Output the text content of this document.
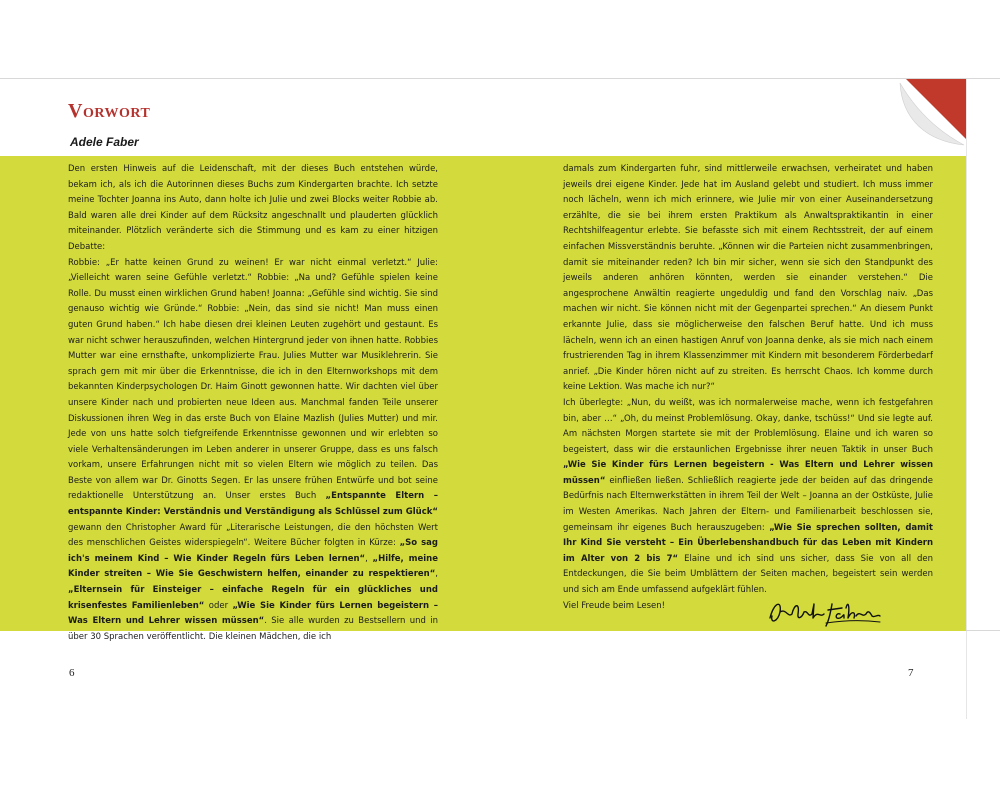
Vorwort

Adele Faber

Den ersten Hinweis auf die Leidenschaft, mit der dieses Buch entstehen würde, bekam ich, als ich die Autorinnen dieses Buchs zum Kindergarten brachte. Ich setzte meine Tochter Joanna ins Auto, dann holte ich Julie und zwei Blocks weiter Robbie ab. Bald waren alle drei Kinder auf dem Rücksitz angeschnallt und plauderten glücklich miteinander. Plötzlich veränderte sich die Stimmung und es kam zu einer hitzigen Debatte:

Robbie: „Er hatte keinen Grund zu weinen! Er war nicht einmal verletzt.“ Julie: „Vielleicht waren seine Gefühle verletzt.“ Robbie: „Na und? Gefühle spielen keine Rolle. Du musst einen wirklichen Grund haben! Joanna: „Gefühle sind wichtig. Sie sind genauso wichtig wie Gründe.“ Robbie: „Nein, das sind sie nicht! Man muss einen guten Grund haben.“ Ich habe diesen drei kleinen Leuten zugehört und gestaunt. Es war nicht schwer herauszufinden, welchen Hintergrund jeder von ihnen hatte. Robbies Mutter war eine ernsthafte, unkomplizierte Frau. Julies Mutter war Musiklehrerin. Sie sprach gern mit mir über die Erkenntnisse, die ich in den Elternworkshops mit dem bekannten Kinderpsychologen Dr. Haim Ginott gewonnen hatte. Wir dachten viel über unsere Kinder nach und probierten neue Ideen aus. Manchmal fanden Teile unserer Diskussionen ihren Weg in das erste Buch von Elaine Mazlish (Julies Mutter) und mir. Jede von uns hatte solch tiefgreifende Erkenntnisse gewonnen und wir erlebten so viele Verhaltensänderungen im Leben anderer in unserer Gruppe, dass es uns falsch vorkam, unsere Erfahrungen nicht mit so vielen Eltern wie möglich zu teilen. Das Beste von allem war Dr. Ginotts Segen. Er las unsere frühen Entwürfe und bot seine redaktionelle Unterstützung an. Unser erstes Buch „Entspannte Eltern – entspannte Kinder: Verständnis und Verständigung als Schlüssel zum Glück“ gewann den Christopher Award für „Literarische Leistungen, die den höchsten Wert des menschlichen Geistes widerspiegeln“. Weitere Bücher folgten in Kürze: „So sag ich's meinem Kind – Wie Kinder Regeln fürs Leben lernen“, „Hilfe, meine Kinder streiten – Wie Sie Geschwistern helfen, einander zu respektieren“, „Elternsein für Einsteiger – einfache Regeln für ein glückliches und krisenfestes Familienleben“ oder „Wie Sie Kinder fürs Lernen begeistern – Was Eltern und Lehrer wissen müssen“. Sie alle wurden zu Bestsellern und in über 30 Sprachen veröffentlicht. Die kleinen Mädchen, die ich

damals zum Kindergarten fuhr, sind mittlerweile erwachsen, verheiratet und haben jeweils drei eigene Kinder. Jede hat im Ausland gelebt und studiert. Ich muss immer noch lächeln, wenn ich mich erinnere, wie Julie mir von einer Auseinandersetzung erzählte, die sie bei ihrem ersten Praktikum als Anwaltspraktikantin in einer Rechtshilfeagentur erlebte. Sie befasste sich mit einem Rechtsstreit, der auf einem einfachen Missverständnis beruhte. „Können wir die Parteien nicht zusammenbringen, damit sie miteinander reden? Ich bin mir sicher, wenn sie sich den Standpunkt des jeweils anderen anhören könnten, werden sie einander verstehen.“ Die angesprochene Anwältin reagierte ungeduldig und fand den Vorschlag naiv. „Das machen wir nicht. Sie können nicht mit der Gegenpartei sprechen.“ An diesem Punkt erkannte Julie, dass sie möglicherweise den falschen Beruf hatte. Und ich muss lächeln, wenn ich an einen hastigen Anruf von Joanna denke, als sie mich nach einem frustrierenden Tag in ihrem Klassenzimmer mit Kindern mit besonderem Förderbedarf anrief. „Die Kinder hören nicht auf zu streiten. Es herrscht Chaos. Ich komme durch keine Lektion. Was mache ich nur?“

Ich überlegte: „Nun, du weißt, was ich normalerweise mache, wenn ich festgefahren bin, aber …“ „Oh, du meinst Problemlösung. Okay, danke, tschüss!“ Und sie legte auf. Am nächsten Morgen startete sie mit der Problemlösung. Elaine und ich waren so begeistert, dass wir die erstaunlichen Ergebnisse ihrer neuen Taktik in unser Buch „Wie Sie Kinder fürs Lernen begeistern - Was Eltern und Lehrer wissen müssen“ einfließen ließen. Schließlich reagierte jede der beiden auf das dringende Bedürfnis nach Elternwerkstätten in ihrem Teil der Welt – Joanna an der Ostküste, Julie im Westen Amerikas. Nach Jahren der Eltern- und Familienarbeit beschlossen sie, gemeinsam ihr eigenes Buch herauszugeben: „Wie Sie sprechen sollten, damit Ihr Kind Sie versteht – Ein Überlebenshandbuch für das Leben mit Kindern im Alter von 2 bis 7“ Elaine und ich sind uns sicher, dass Sie von all den Entdeckungen, die Sie beim Umblättern der Seiten machen, begeistert sein werden und sich am Ende umfassend aufgeklärt fühlen.

Viel Freude beim Lesen!

6	7
